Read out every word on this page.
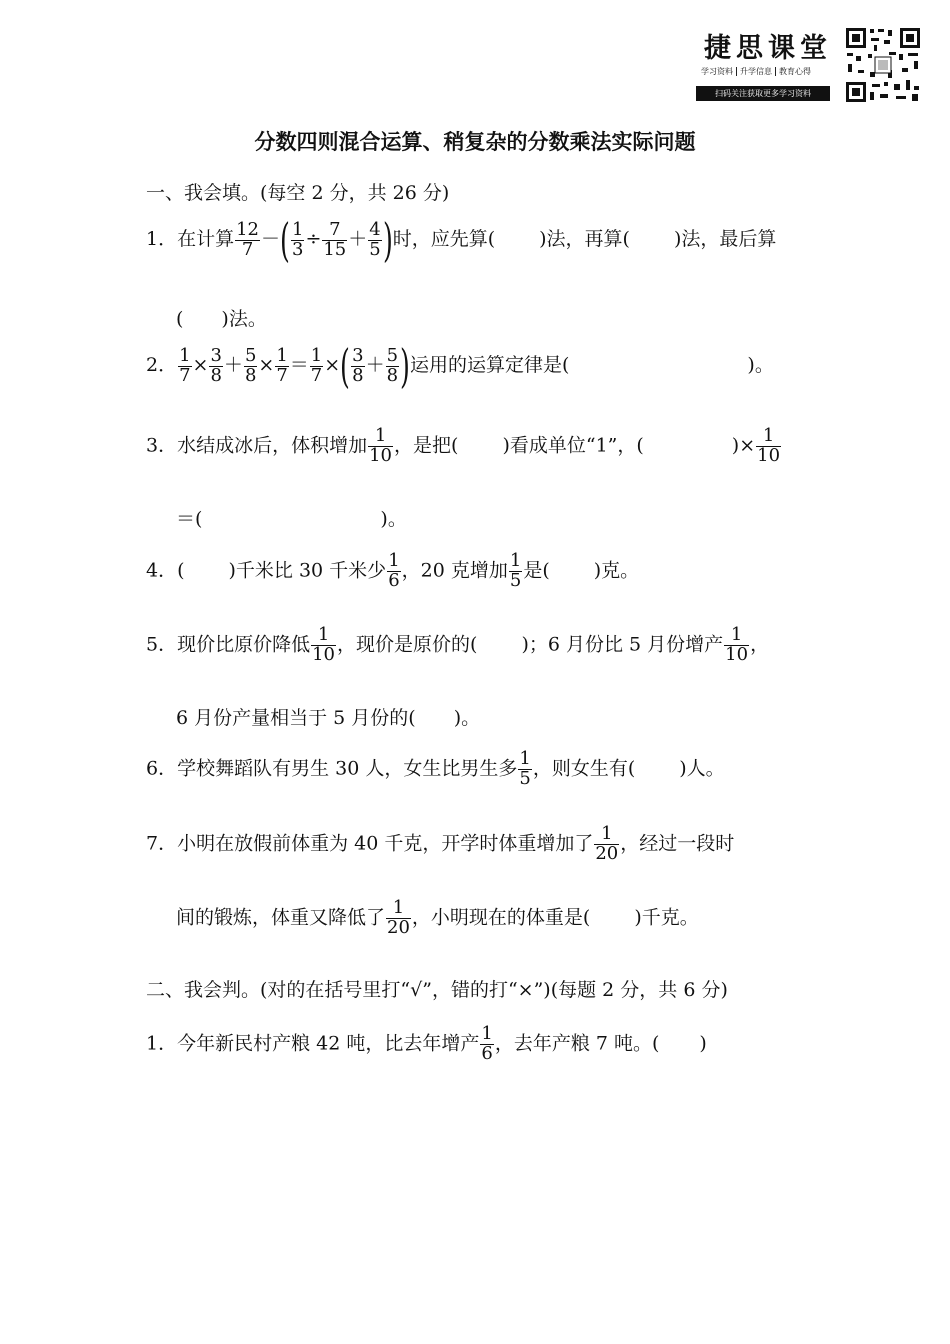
捷思课堂
学习资料 升学信息 教育心得
扫码关注获取更多学习资料
分数四则混合运算、稍复杂的分数乘法实际问题
一、我会填。(每空 2 分，共 26 分)
1．在计算 $\frac{12}{7}$ －( $\frac{1}{3} \div \frac{7}{15} + \frac{4}{5}$ )时，应先算( )法，再算( )法，最后算
(　　)法。
2． $\frac{1}{7} \times \frac{3}{8} + \frac{5}{8} \times \frac{1}{7} = \frac{1}{7}$ ×( $\frac{3}{8} + \frac{5}{8}$ )运用的运算定律是(	)。
3．水结成冰后，体积增加 $\frac{1}{10}$ ，是把( )看成单位“1”，(	)× $\frac{1}{10}$
＝(	)。
4．( )千米比 30 千米少 $\frac{1}{6}$ ，20 克增加 $\frac{1}{5}$ 是( )克。
5．现价比原价降低 $\frac{1}{10}$ ，现价是原价的( )；6 月份比 5 月份增产 $\frac{1}{10}$ ，
6 月份产量相当于 5 月份的(　　)。
6．学校舞蹈队有男生 30 人，女生比男生多 $\frac{1}{5}$ ，则女生有( )人。
7．小明在放假前体重为 40 千克，开学时体重增加了 $\frac{1}{20}$ ，经过一段时
间的锻炼，体重又降低了 $\frac{1}{20}$ ，小明现在的体重是( )千克。
二、我会判。(对的在括号里打“√”，错的打“×”)(每题 2 分，共 6 分)
1．今年新民村产粮 42 吨，比去年增产 $\frac{1}{6}$ ，去年产粮 7 吨。( )
